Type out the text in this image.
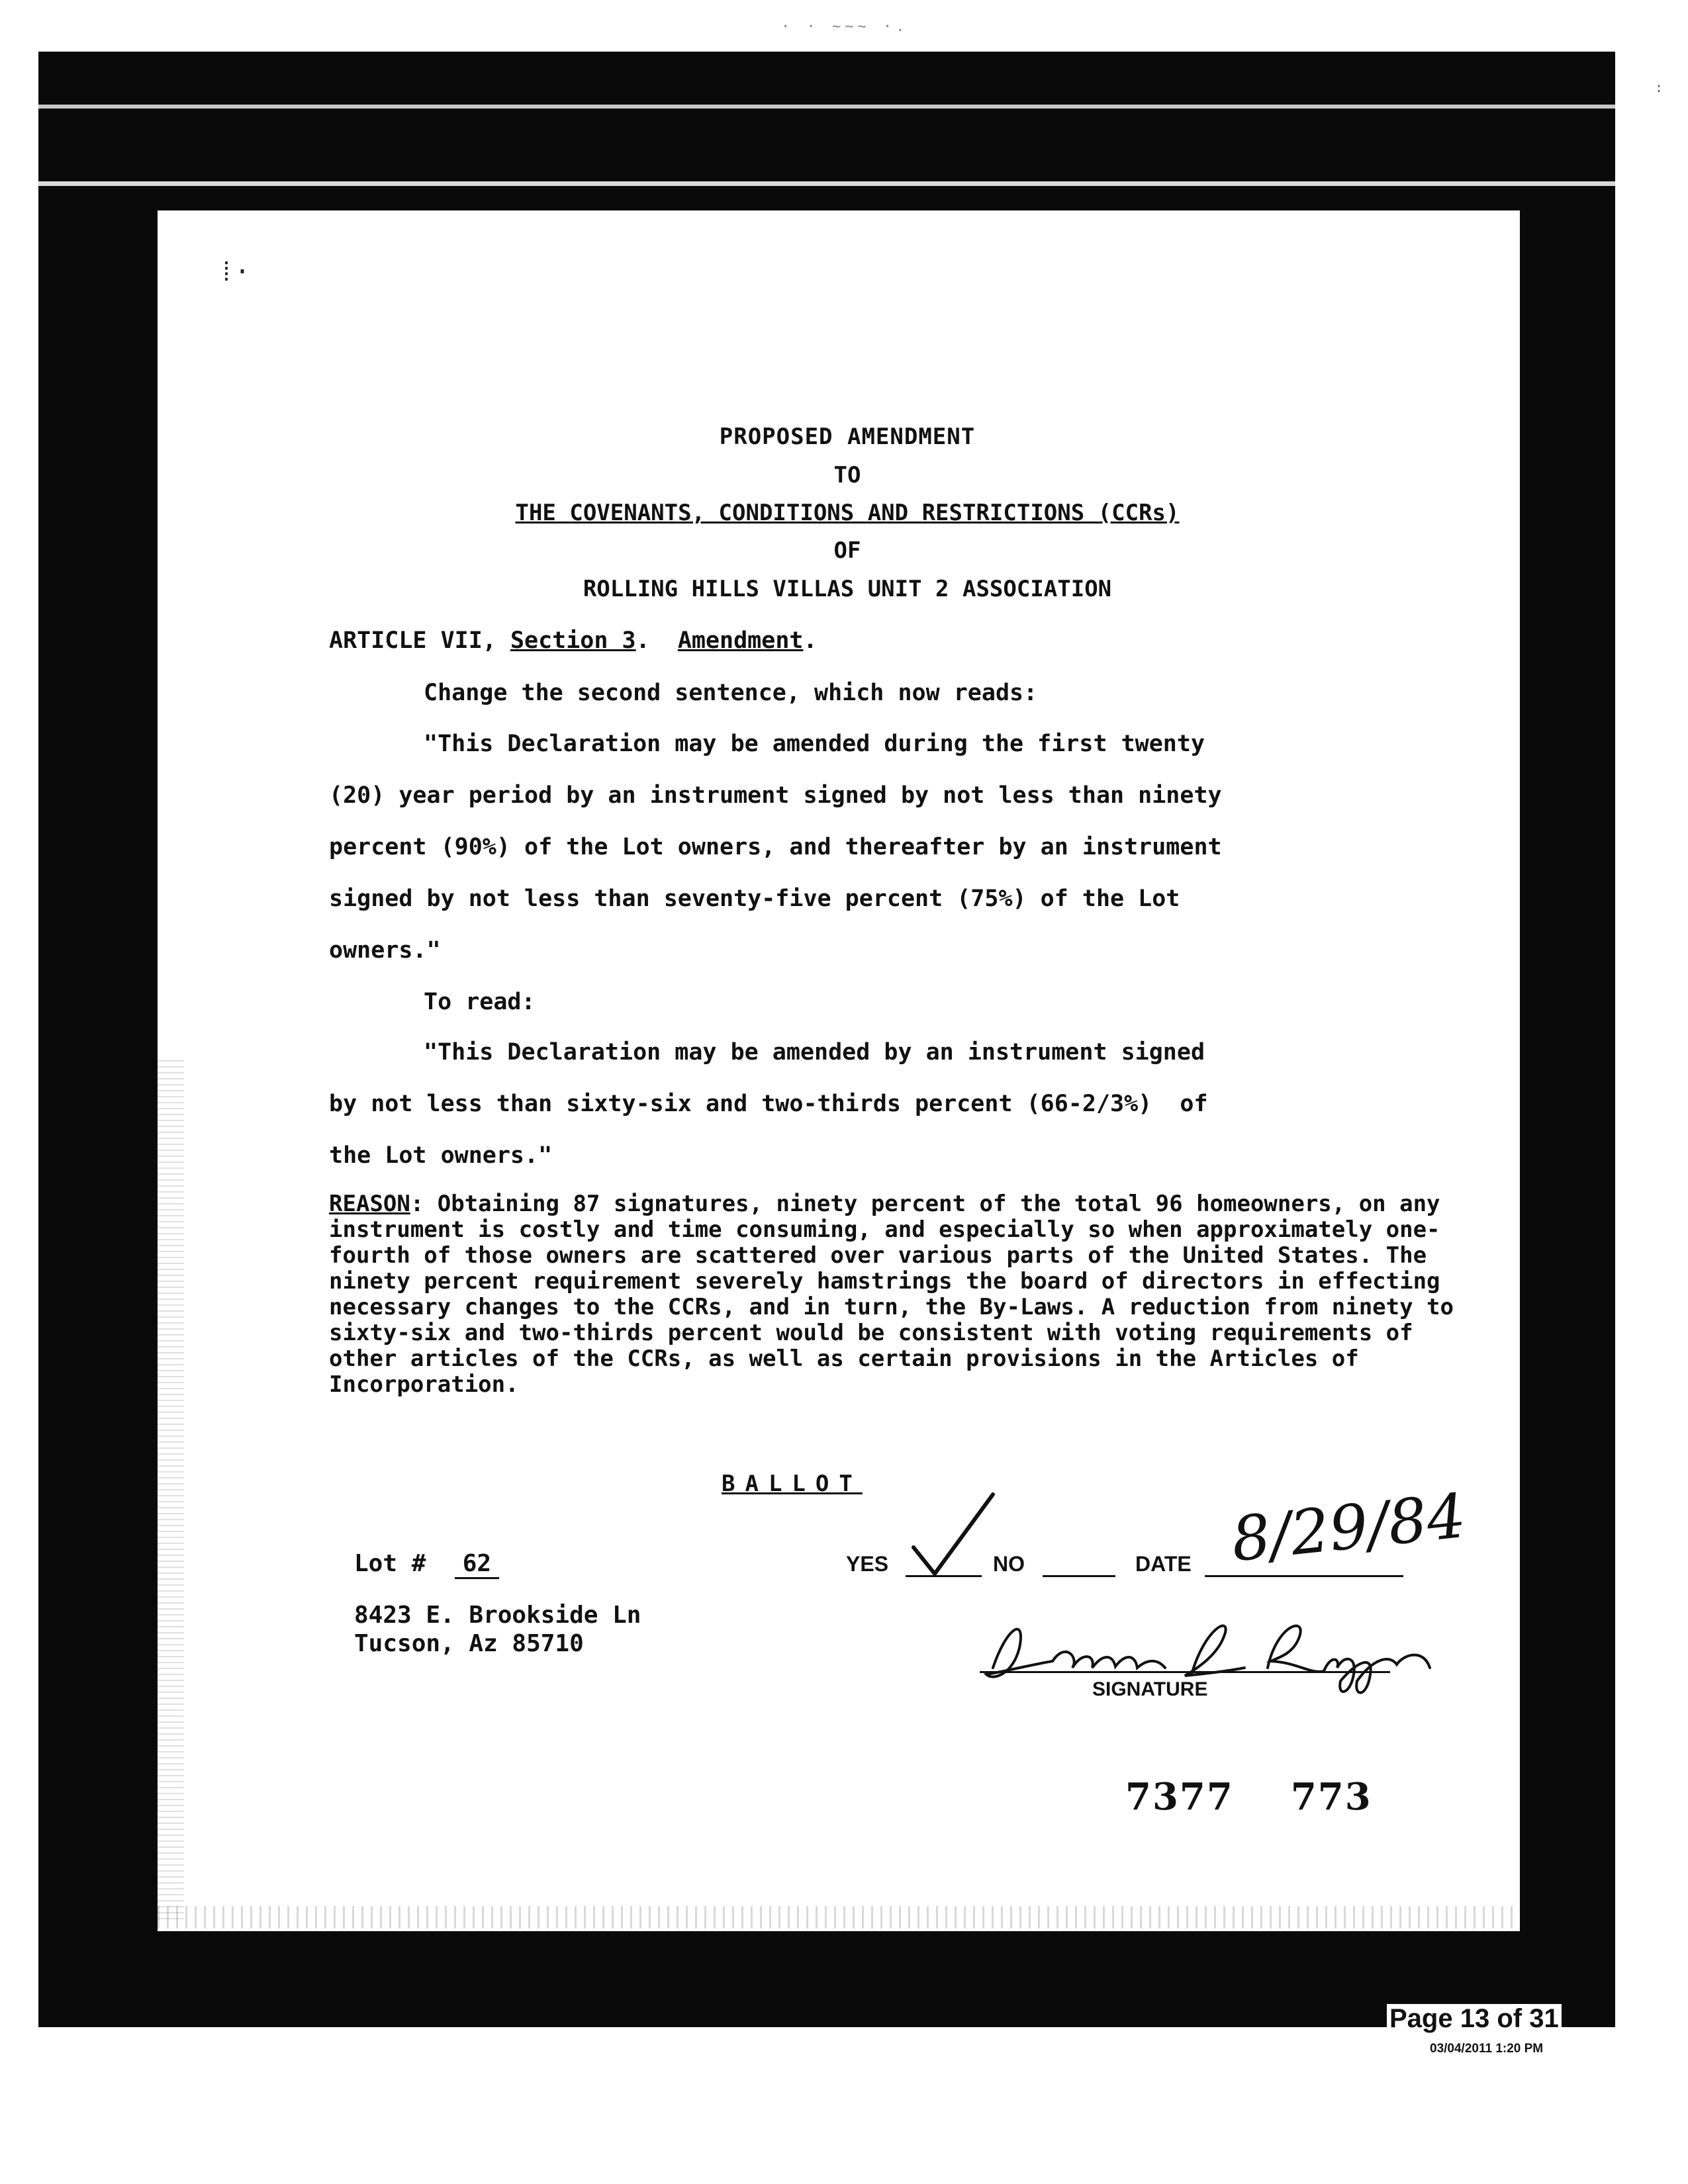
· · ~~~ ·.
⁞·
PROPOSED AMENDMENT
TO
THE COVENANTS, CONDITIONS AND RESTRICTIONS (CCRs)
OF
ROLLING HILLS VILLAS UNIT 2 ASSOCIATION
ARTICLE VII, Section 3.  Amendment.
Change the second sentence, which now reads:
"This Declaration may be amended during the first twenty
(20) year period by an instrument signed by not less than ninety
percent (90%) of the Lot owners, and thereafter by an instrument
signed by not less than seventy-five percent (75%) of the Lot
owners."
To read:
"This Declaration may be amended by an instrument signed
by not less than sixty-six and two-thirds percent (66-2/3%)  of
the Lot owners."
REASON: Obtaining 87 signatures, ninety percent of the total 96 homeowners, on any instrument is costly and time consuming, and especially so when approximately one-fourth of those owners are scattered over various parts of the United States. The ninety percent requirement severely hamstrings the board of directors in effecting necessary changes to the CCRs, and in turn, the By-Laws. A reduction from ninety to sixty-six and two-thirds percent would be consistent with voting requirements of other articles of the CCRs, as well as certain provisions in the Articles of Incorporation.
BALLOT
Lot # 62
8423 E. Brookside Ln
Tucson, Az 85710
YES	NO	DATE 8/29/84
SIGNATURE
7377    773
Page 13 of 31
03/04/2011 1:20 PM
:
